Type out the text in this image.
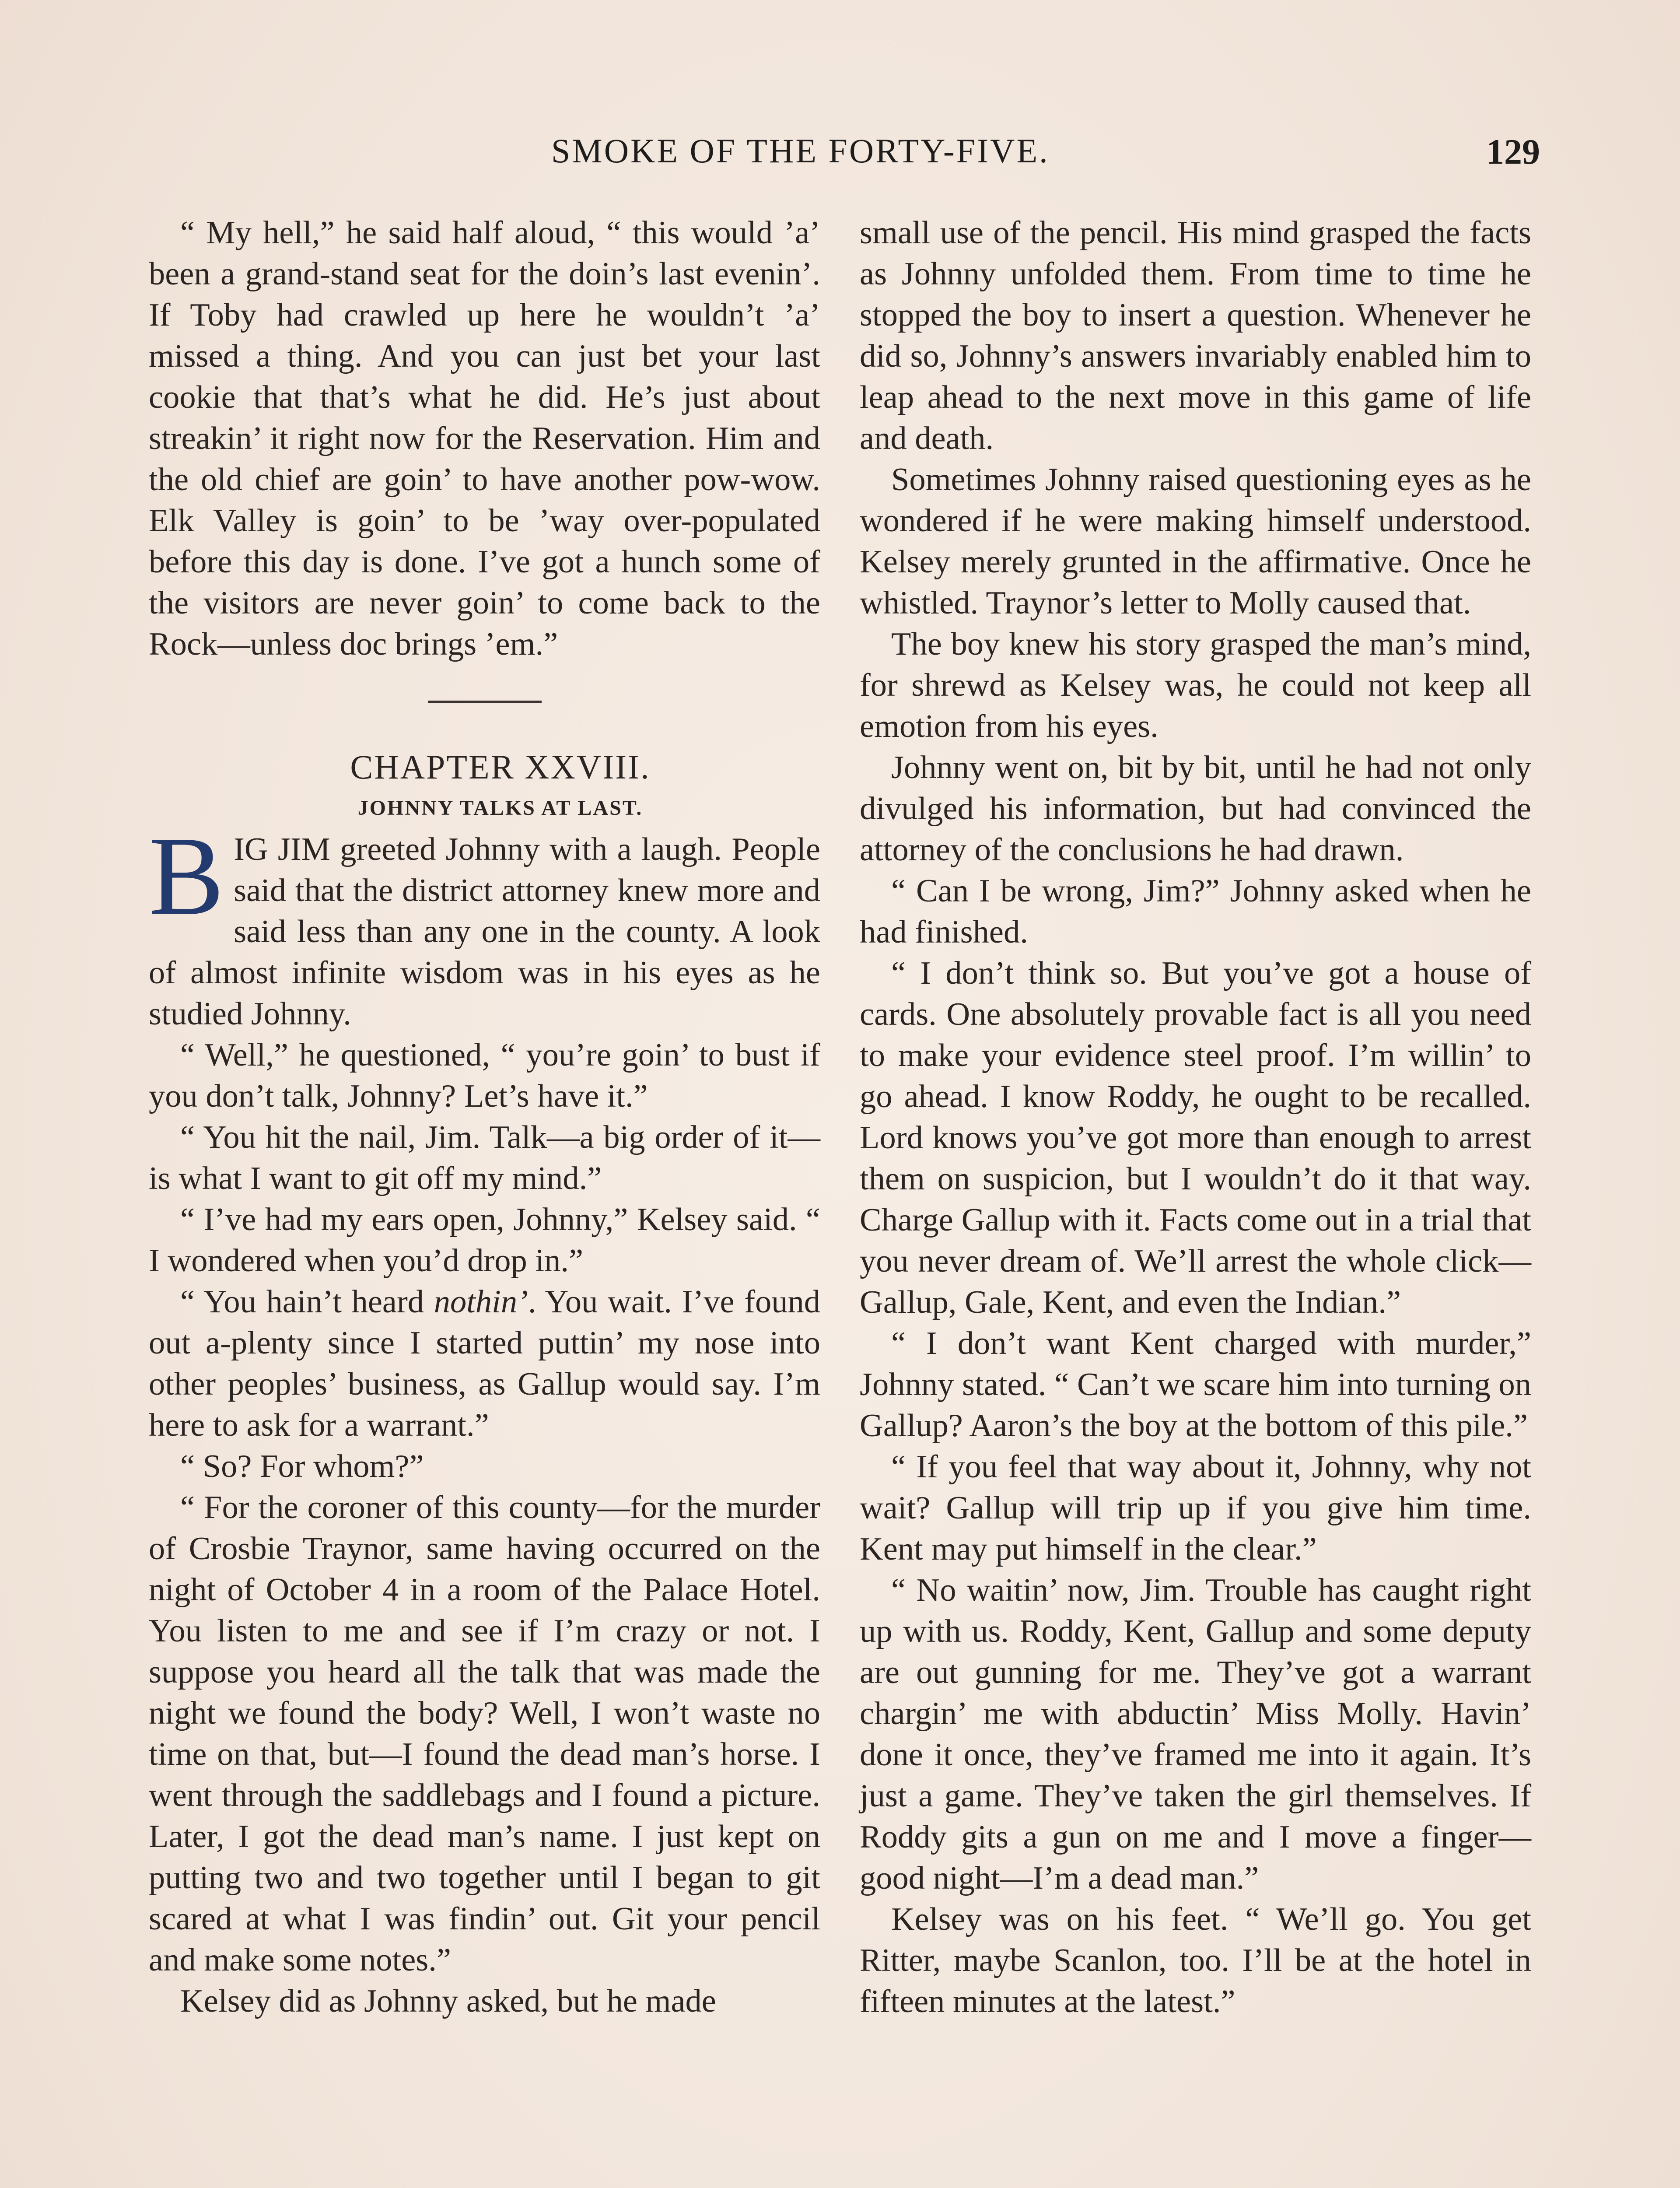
SMOKE OF THE FORTY-FIVE.	129

“ My hell,” he said half aloud, “ this would ’a’ been a grand-stand seat for the doin’s last evenin’. If Toby had crawled up here he wouldn’t ’a’ missed a thing. And you can just bet your last cookie that that’s what he did. He’s just about streakin’ it right now for the Reservation. Him and the old chief are goin’ to have another pow-wow. Elk Valley is goin’ to be ’way over-populated before this day is done. I’ve got a hunch some of the visitors are never goin’ to come back to the Rock—unless doc brings ’em.”

CHAPTER XXVIII.

JOHNNY TALKS AT LAST.

BIG JIM greeted Johnny with a laugh. People said that the district attorney knew more and said less than any one in the county. A look of almost infinite wisdom was in his eyes as he studied Johnny.

“ Well,” he questioned, “ you’re goin’ to bust if you don’t talk, Johnny? Let’s have it.”

“ You hit the nail, Jim. Talk—a big order of it—is what I want to git off my mind.”

“ I’ve had my ears open, Johnny,” Kelsey said. “ I wondered when you’d drop in.”

“ You hain’t heard nothin’. You wait. I’ve found out a-plenty since I started puttin’ my nose into other peoples’ business, as Gallup would say. I’m here to ask for a warrant.”

“ So? For whom?”

“ For the coroner of this county—for the murder of Crosbie Traynor, same having occurred on the night of October 4 in a room of the Palace Hotel. You listen to me and see if I’m crazy or not. I suppose you heard all the talk that was made the night we found the body? Well, I won’t waste no time on that, but—I found the dead man’s horse. I went through the saddlebags and I found a picture. Later, I got the dead man’s name. I just kept on putting two and two together until I began to git scared at what I was findin’ out. Git your pencil and make some notes.”

Kelsey did as Johnny asked, but he made

small use of the pencil. His mind grasped the facts as Johnny unfolded them. From time to time he stopped the boy to insert a question. Whenever he did so, Johnny’s answers invariably enabled him to leap ahead to the next move in this game of life and death.

Sometimes Johnny raised questioning eyes as he wondered if he were making himself understood. Kelsey merely grunted in the affirmative. Once he whistled. Traynor’s letter to Molly caused that.

The boy knew his story grasped the man’s mind, for shrewd as Kelsey was, he could not keep all emotion from his eyes.

Johnny went on, bit by bit, until he had not only divulged his information, but had convinced the attorney of the conclusions he had drawn.

“ Can I be wrong, Jim?” Johnny asked when he had finished.

“ I don’t think so. But you’ve got a house of cards. One absolutely provable fact is all you need to make your evidence steel proof. I’m willin’ to go ahead. I know Roddy, he ought to be recalled. Lord knows you’ve got more than enough to arrest them on suspicion, but I wouldn’t do it that way. Charge Gallup with it. Facts come out in a trial that you never dream of. We’ll arrest the whole click—Gallup, Gale, Kent, and even the Indian.”

“ I don’t want Kent charged with murder,” Johnny stated. “ Can’t we scare him into turning on Gallup? Aaron’s the boy at the bottom of this pile.”

“ If you feel that way about it, Johnny, why not wait? Gallup will trip up if you give him time. Kent may put himself in the clear.”

“ No waitin’ now, Jim. Trouble has caught right up with us. Roddy, Kent, Gallup and some deputy are out gunning for me. They’ve got a warrant chargin’ me with abductin’ Miss Molly. Havin’ done it once, they’ve framed me into it again. It’s just a game. They’ve taken the girl themselves. If Roddy gits a gun on me and I move a finger—good night—I’m a dead man.”

Kelsey was on his feet. “ We’ll go. You get Ritter, maybe Scanlon, too. I’ll be at the hotel in fifteen minutes at the latest.”
